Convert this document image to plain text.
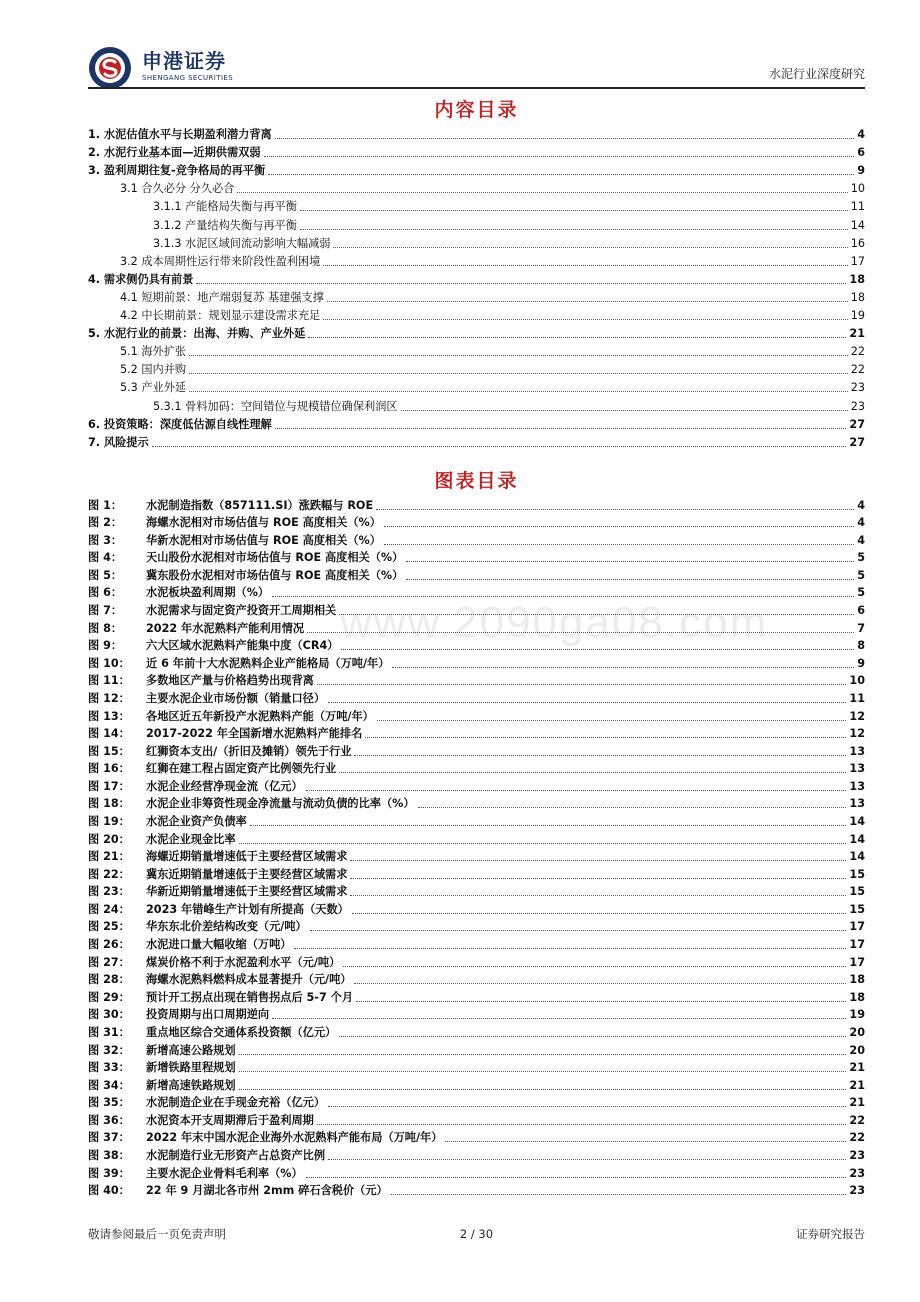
申港证券
SHENGANG SECURITIES	水泥行业深度研究
内容目录
1. 水泥估值水平与长期盈利潜力背离	4
2. 水泥行业基本面—近期供需双弱	6
3. 盈利周期往复-竞争格局的再平衡	9
3.1 合久必分 分久必合	10
3.1.1 产能格局失衡与再平衡	11
3.1.2 产量结构失衡与再平衡	14
3.1.3 水泥区域间流动影响大幅减弱	16
3.2 成本周期性运行带来阶段性盈利困境	17
4. 需求侧仍具有前景	18
4.1 短期前景：地产端弱复苏 基建强支撑	18
4.2 中长期前景：规划显示建设需求充足	19
5. 水泥行业的前景：出海、并购、产业外延	21
5.1 海外扩张	22
5.2 国内并购	22
5.3 产业外延	23
5.3.1 骨料加码：空间错位与规模错位确保利润区	23
6. 投资策略：深度低估源自线性理解	27
7. 风险提示	27
图表目录
图 1：	水泥制造指数（857111.SI）涨跌幅与 ROE	4
图 2：	海螺水泥相对市场估值与 ROE 高度相关（%）	4
图 3：	华新水泥相对市场估值与 ROE 高度相关（%）	4
图 4：	天山股份水泥相对市场估值与 ROE 高度相关（%）	5
图 5：	冀东股份水泥相对市场估值与 ROE 高度相关（%）	5
图 6：	水泥板块盈利周期（%）	5
图 7：	水泥需求与固定资产投资开工周期相关	6
图 8：	2022 年水泥熟料产能利用情况	7
图 9：	六大区域水泥熟料产能集中度（CR4）	8
图 10：	近 6 年前十大水泥熟料企业产能格局（万吨/年）	9
图 11：	多数地区产量与价格趋势出现背离	10
图 12：	主要水泥企业市场份额（销量口径）	11
图 13：	各地区近五年新投产水泥熟料产能（万吨/年）	12
图 14：	2017-2022 年全国新增水泥熟料产能排名	12
图 15：	红狮资本支出/（折旧及摊销）领先于行业	13
图 16：	红狮在建工程占固定资产比例领先行业	13
图 17：	水泥企业经营净现金流（亿元）	13
图 18：	水泥企业非筹资性现金净流量与流动负债的比率（%）	13
图 19：	水泥企业资产负债率	14
图 20：	水泥企业现金比率	14
图 21：	海螺近期销量增速低于主要经营区域需求	14
图 22：	冀东近期销量增速低于主要经营区域需求	15
图 23：	华新近期销量增速低于主要经营区域需求	15
图 24：	2023 年错峰生产计划有所提高（天数）	15
图 25：	华东东北价差结构改变（元/吨）	17
图 26：	水泥进口量大幅收缩（万吨）	17
图 27：	煤炭价格不利于水泥盈利水平（元/吨）	17
图 28：	海螺水泥熟料燃料成本显著提升（元/吨）	18
图 29：	预计开工拐点出现在销售拐点后 5-7 个月	18
图 30：	投资周期与出口周期逆向	19
图 31：	重点地区综合交通体系投资额（亿元）	20
图 32：	新增高速公路规划	20
图 33：	新增铁路里程规划	21
图 34：	新增高速铁路规划	21
图 35：	水泥制造企业在手现金充裕（亿元）	21
图 36：	水泥资本开支周期滞后于盈利周期	22
图 37：	2022 年末中国水泥企业海外水泥熟料产能布局（万吨/年）	22
图 38：	水泥制造行业无形资产占总资产比例	23
图 39：	主要水泥企业骨料毛利率（%）	23
图 40：	22 年 9 月湖北各市州 2mm 碎石含税价（元）	23
www.2090ga08.com
敬请参阅最后一页免责声明	2 / 30	证券研究报告
